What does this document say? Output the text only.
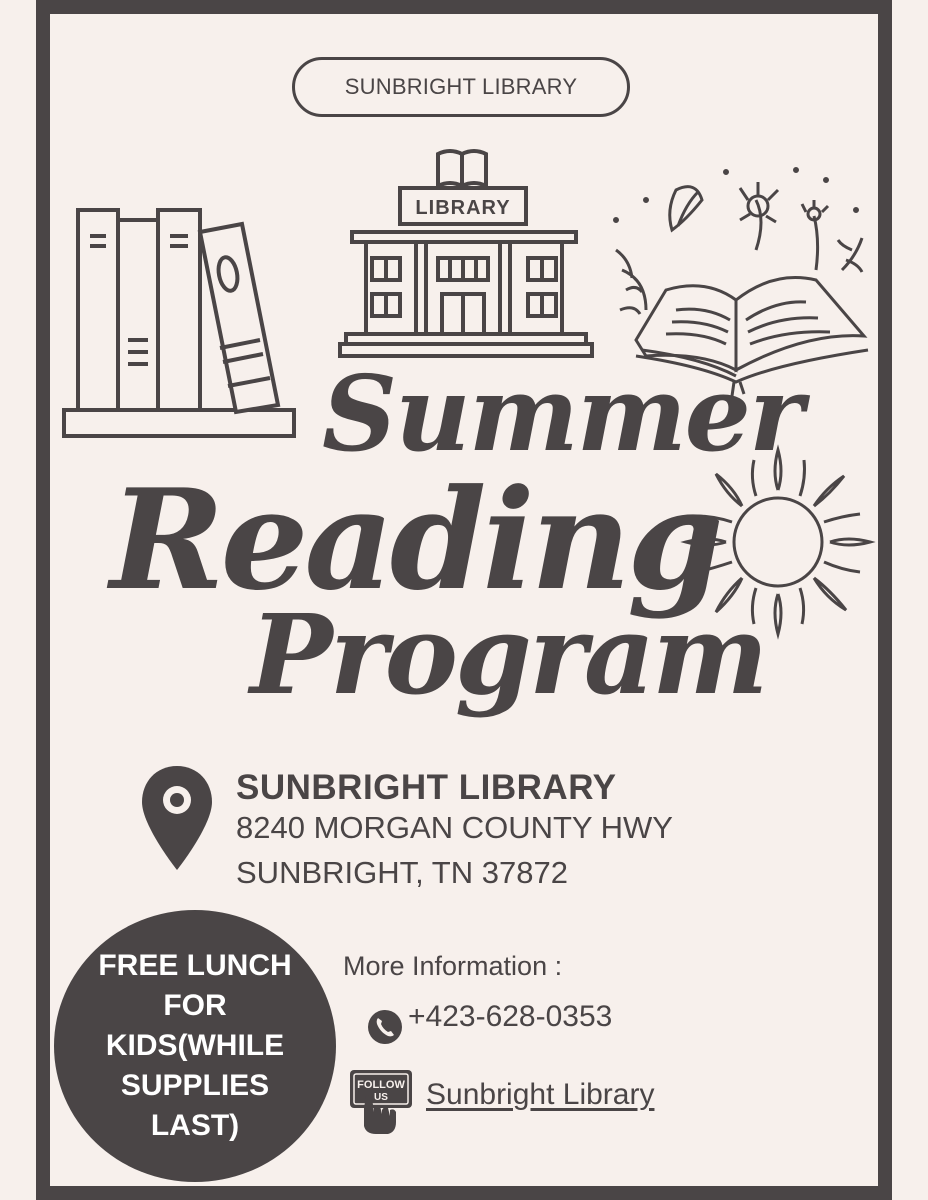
SUNBRIGHT LIBRARY
LIBRARY
Summer
Reading
Program
SUNBRIGHT LIBRARY
8240 MORGAN COUNTY HWY
SUNBRIGHT, TN 37872
FREE LUNCH FOR KIDS(WHILE SUPPLIES LAST)
More Information :
+423-628-0353
FOLLOW
US Sunbright Library
